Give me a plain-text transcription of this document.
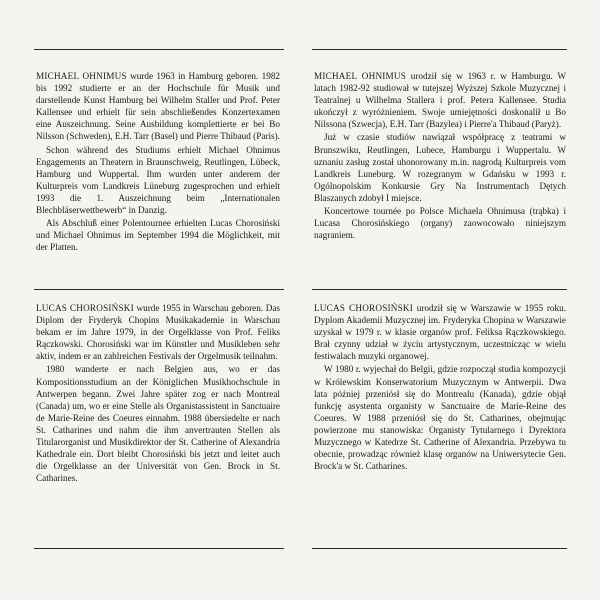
MICHAEL OHNIMUS wurde 1963 in Hamburg geboren. 1982 bis 1992 studierte er an der Hochschule für Musik und darstellende Kunst Hamburg bei Wilhelm Staller und Prof. Peter Kallensee und erhielt für sein abschließendes Konzertexamen eine Auszeichnung. Seine Ausbildung komplettierte er bei Bo Nilsson (Schweden), E.H. Tarr (Basel) und Pierre Thibaud (Paris).

Schon während des Studiums erhielt Michael Ohnimus Engagements an Theatern in Braunschweig, Reutlingen, Lübeck, Hamburg und Wuppertal. Ihm wurden unter anderem der Kulturpreis vom Landkreis Lüneburg zugesprochen und erhielt 1993 die 1. Auszeichnung beim „Internationalen Blechbläserwettbewerb“ in Danzig.

Als Abschluß einer Polentournee erhielten Lucas Chorosiński und Michael Ohnimus im September 1994 die Möglichkeit, mit der Platten.

MICHAEL OHNIMUS urodził się w 1963 r. w Hamburgu. W latach 1982-92 studiował w tutejszej Wyższej Szkole Muzycznej i Teatralnej u Wilhelma Stallera i prof. Petera Kallensee. Studia ukończył z wyróżnieniem. Swoje umiejętności doskonalił u Bo Nilssona (Szwecja), E.H. Tarr (Bazylea) i Pierre'a Thibaud (Paryż).

Już w czasie studiów nawiązał współpracę z teatrami w Brunszwiku, Reutlingen, Lubece, Hamburgu i Wuppertalu. W uznaniu zasług został uhonorowany m.in. nagrodą Kulturpreis vom Landkreis Luneburg. W rozegranym w Gdańsku w 1993 r. Ogólnopolskim Konkursie Gry Na Instrumentach Dętych Blaszanych zdobył I miejsce.

Koncertowe tournée po Polsce Michaela Ohnimusa (trąbka) i Lucasa Chorosińskiego (organy) zaowocowało niniejszym nagraniem.

LUCAS CHOROSIŃSKI wurde 1955 in Warschau geboren. Das Diplom der Fryderyk Chopins Musikakademie in Warschau bekam er im Jahre 1979, in der Orgelklasse von Prof. Feliks Rączkowski. Chorosiński war im Künstler und Musikleben sehr aktiv, indem er an zahlreichen Festivals der Orgelmusik teilnahm.

1980 wanderte er nach Belgien aus, wo er das Kompositionsstudium an der Königlichen Musikhochschule in Antwerpen begann. Zwei Jahre später zog er nach Montreal (Canada) um, wo er eine Stelle als Organistassistent in Sanctuaire de Marie-Reine des Coeures einnahm. 1988 übersiedelte er nach St. Catharines und nahm die ihm anvertrauten Stellen als Titularorganist und Musikdirektor der St. Catherine of Alexandria Kathedrale ein. Dort bleibt Chorosiński bis jetzt und leitet auch die Orgelklasse an der Universität von Gen. Brock in St. Catharines.

LUCAS CHOROSIŃSKI urodził się w Warszawie w 1955 roku. Dyplom Akademii Muzycznej im. Fryderyka Chopina w Warszawie uzyskał w 1979 r. w klasie organów prof. Feliksa Rączkowskiego. Brał czynny udział w życiu artystycznym, uczestnicząc w wielu festiwalach muzyki organowej.

W 1980 r. wyjechał do Belgii, gdzie rozpoczął studia kompozycji w Królewskim Konserwatorium Muzycznym w Antwerpii. Dwa lata później przeniósł się do Montrealu (Kanada), gdzie objął funkcję asystenta organisty w Sanctuaire de Marie-Reine des Coeures. W 1988 przeniósł się do St. Catharines, obejmując powierzone mu stanowiska: Organisty Tytularnego i Dyrektora Muzycznego w Katedrze St. Catherine of Alexandria. Przebywa tu obecnie, prowadząc również klasę organów na Uniwersytecie Gen. Brock'a w St. Catharines.
